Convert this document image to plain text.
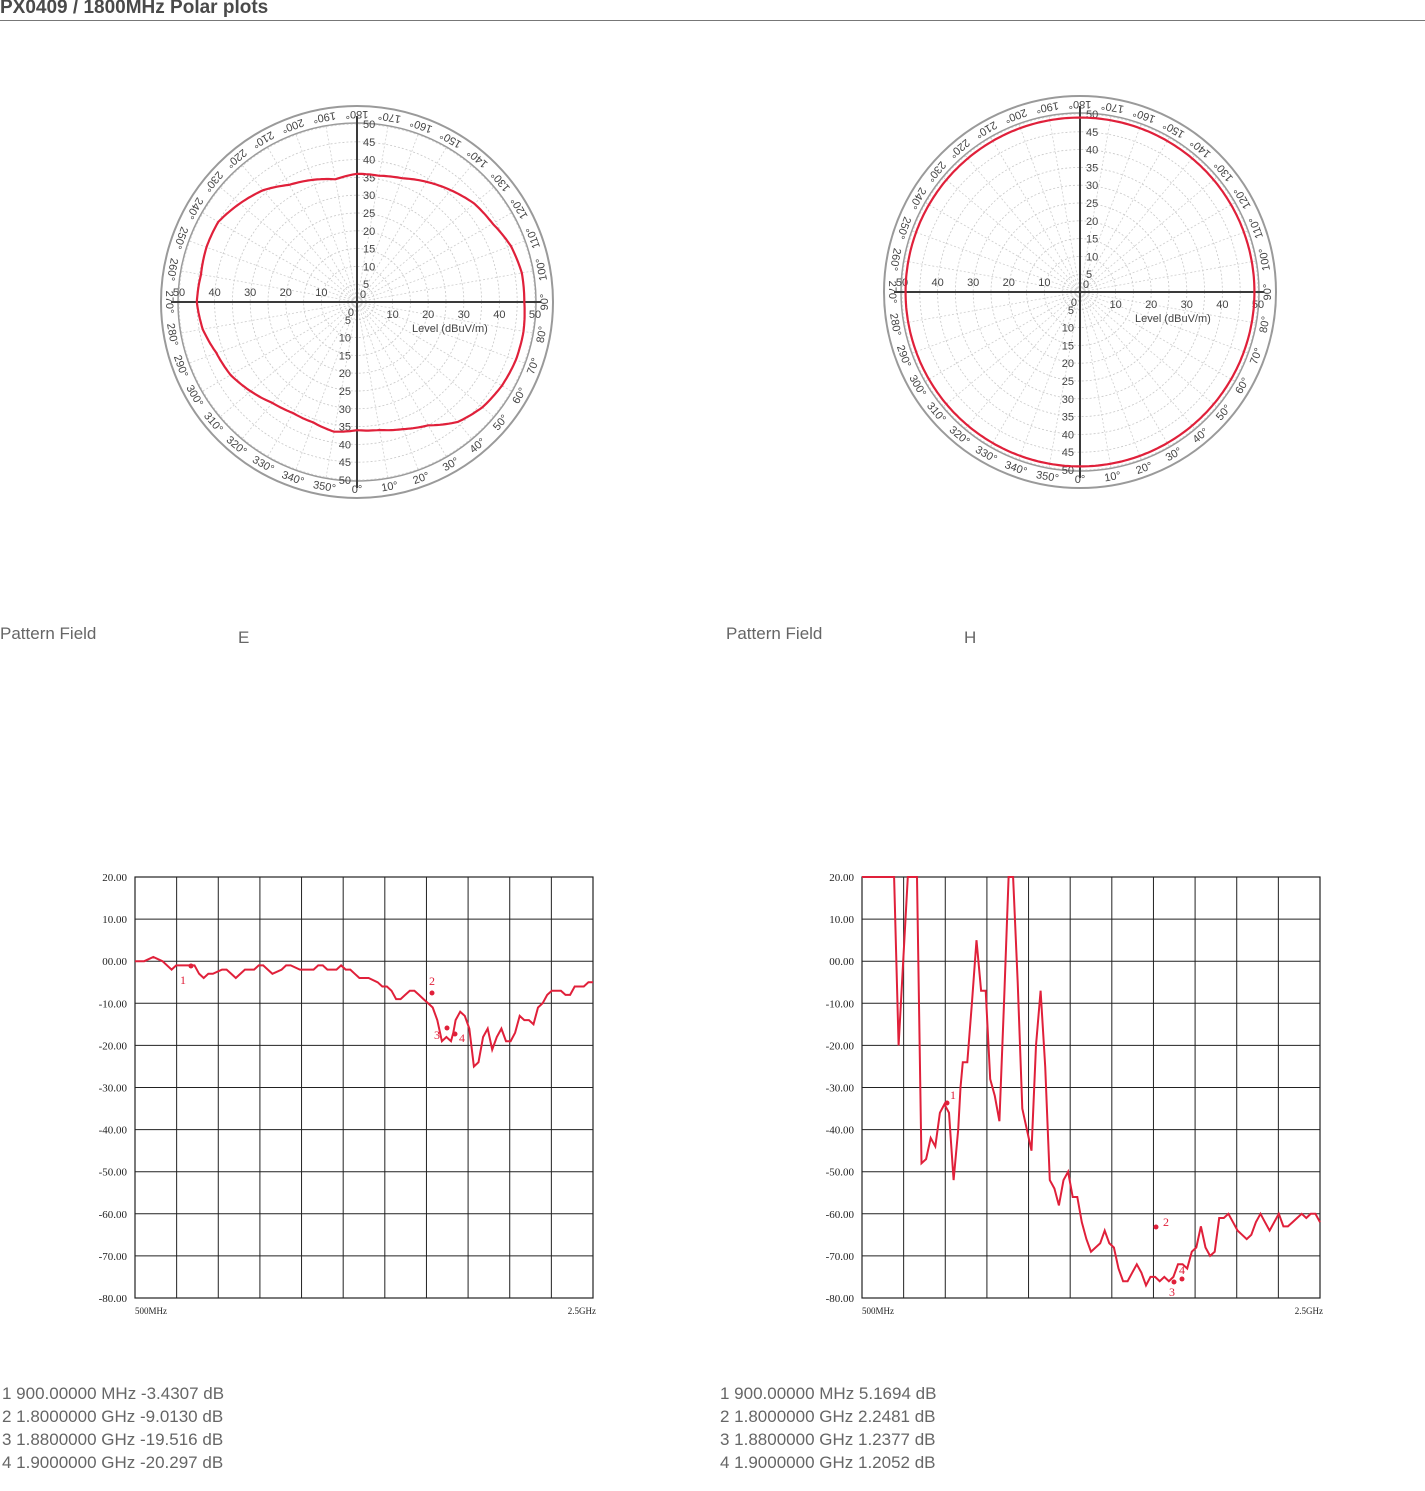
PX0409 / 1800MHz Polar plots
5
5
10
10
15
15
20
20
25
25
30
30
35
35
40
40
45
45
50
50
10
10
20
20
30
30
40
40
50
50	0
0
Level (dBuV/m)
0° 10° 20°
30°
40°
50°
60°
70°
80°
90°
100°
110°
120°
130°
140°
150°
160°
170°
180°
190°
200°
210°
220°
230°
240°
250°
260°
270°
280°
290°
300°
310°
320°
330°
340° 350°
5
5
10
10
15
15
20
20
25
25
30
30
35
35
40
40
45
45
50
50
10
10
20
20
30
30
40
40
50
50	0
0
Level (dBuV/m)
0° 10° 20°
30°
40°
50°
60°
70°
80°
90°
100°
110°
120°
130°
140°
150°
160°
170°
180°
190°
200°
210°
220°
230°
240°
250°
260°
270°
280°
290°
300°
310°
320°
330°
340° 350°
Pattern Field	E	Pattern Field	H
20.00
10.00
00.00
-10.00
-20.00
-30.00
-40.00
-50.00
-60.00
-70.00
-80.00
500MHz	2.5GHz
1	2
3 4
20.00
10.00
00.00
-10.00
-20.00
-30.00
-40.00
-50.00
-60.00
-70.00
-80.00
500MHz	2.5GHz
1
2
3
4
1 900.00000 MHz -3.4307 dB
2 1.8000000 GHz -9.0130 dB
3 1.8800000 GHz -19.516 dB
4 1.9000000 GHz -20.297 dB
1 900.00000 MHz 5.1694 dB
2 1.8000000 GHz 2.2481 dB
3 1.8800000 GHz 1.2377 dB
4 1.9000000 GHz 1.2052 dB
